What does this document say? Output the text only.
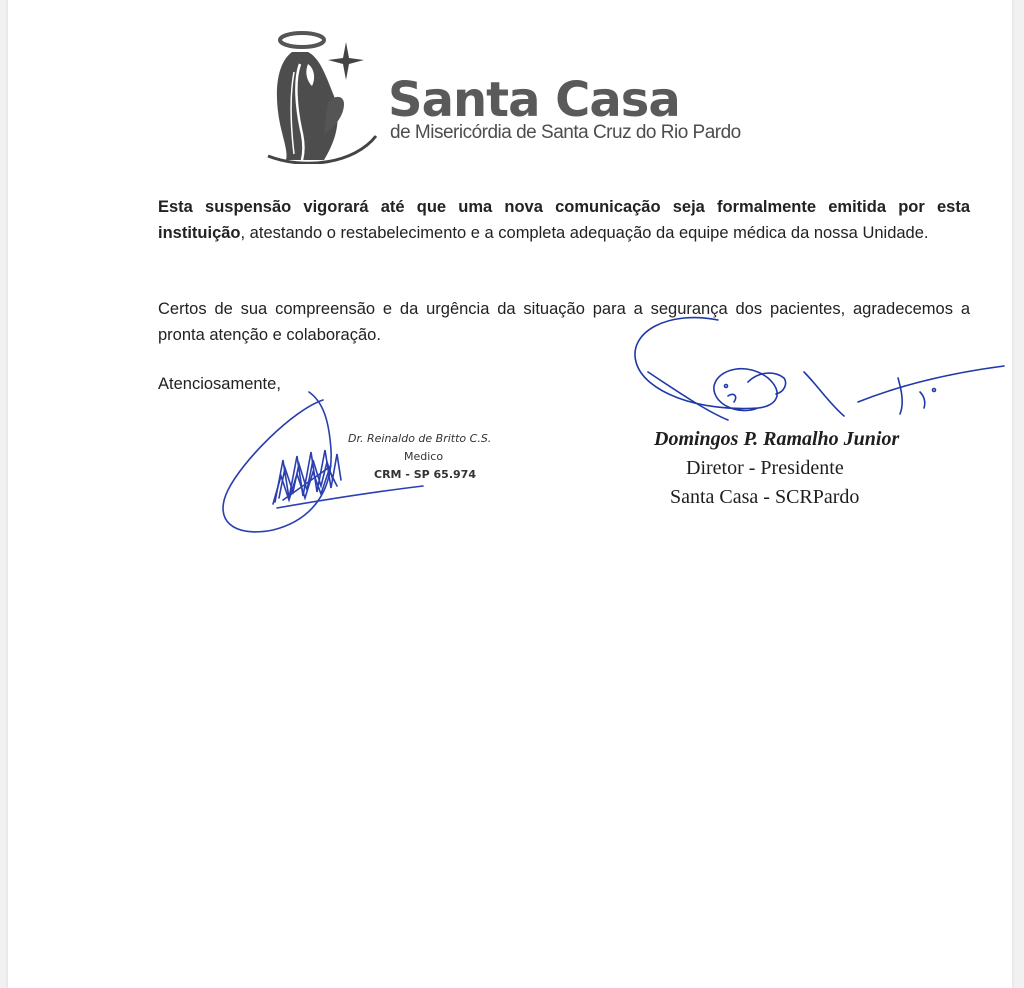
Santa Casa
de Misericórdia de Santa Cruz do Rio Pardo

Esta suspensão vigorará até que uma nova comunicação seja formalmente emitida por esta instituição, atestando o restabelecimento e a completa adequação da equipe médica da nossa Unidade.

Certos de sua compreensão e da urgência da situação para a segurança dos pacientes, agradecemos a pronta atenção e colaboração.

Atenciosamente,

Dr. Reinaldo de Britto C.S.
Medico
CRM - SP 65.974
Domingos P. Ramalho Junior
Diretor - Presidente
Santa Casa - SCRPardo
